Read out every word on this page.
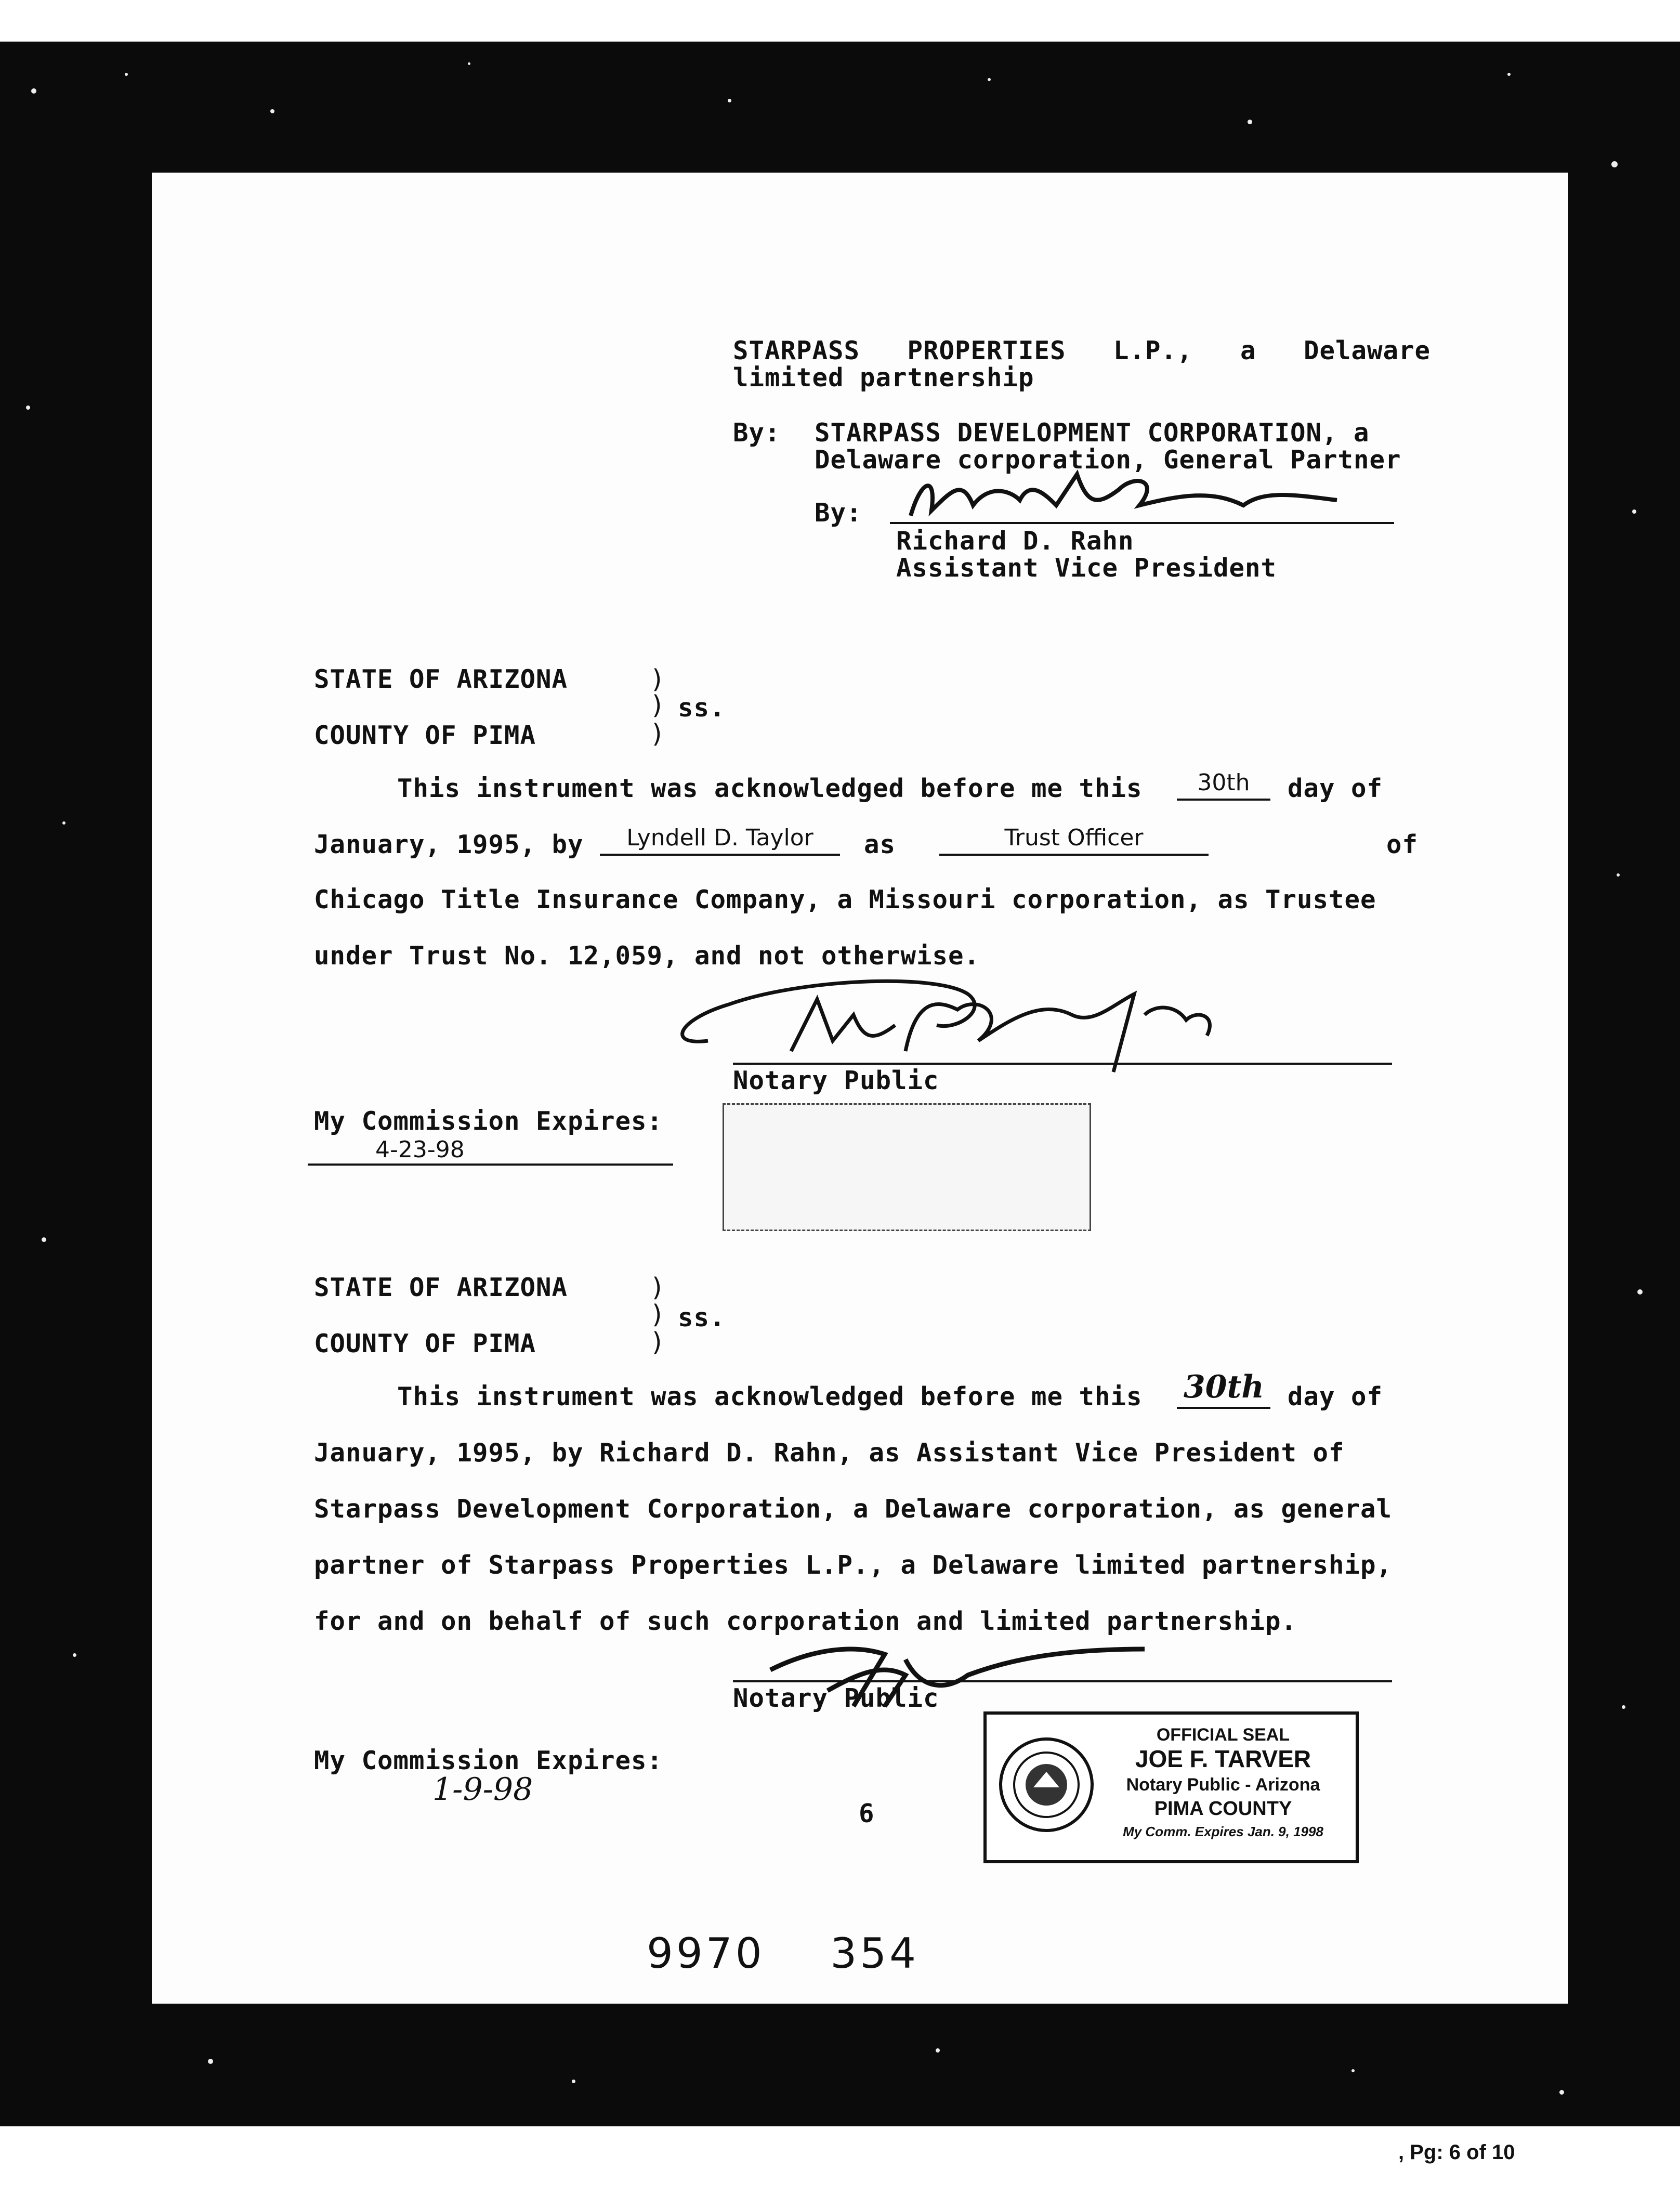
STARPASS   PROPERTIES   L.P.,   a   Delaware
limited partnership
By: STARPASS DEVELOPMENT CORPORATION, a
Delaware corporation, General Partner
By:
Richard D. Rahn
Assistant Vice President
STATE OF ARIZONA	)
) ss.
)
COUNTY OF PIMA
This instrument was acknowledged before me this	30th	day of
January, 1995, by	Lyndell D. Taylor	as	Trust Officer	of
Chicago Title Insurance Company, a Missouri corporation, as Trustee
under Trust No. 12,059, and not otherwise.
Notary Public
My Commission Expires:
4-23-98
STATE OF ARIZONA	)
) ss.
)
COUNTY OF PIMA
This instrument was acknowledged before me this 30th day of
January, 1995, by Richard D. Rahn, as Assistant Vice President of
Starpass Development Corporation, a Delaware corporation, as general
partner of Starpass Properties L.P., a Delaware limited partnership,
for and on behalf of such corporation and limited partnership.
Notary Public
My Commission Expires:
1-9-98
OFFICIAL SEAL
JOE F. TARVER
Notary Public - Arizona
PIMA COUNTY
My Comm. Expires Jan. 9, 1998
6
9970    354
, Pg: 6 of 10
